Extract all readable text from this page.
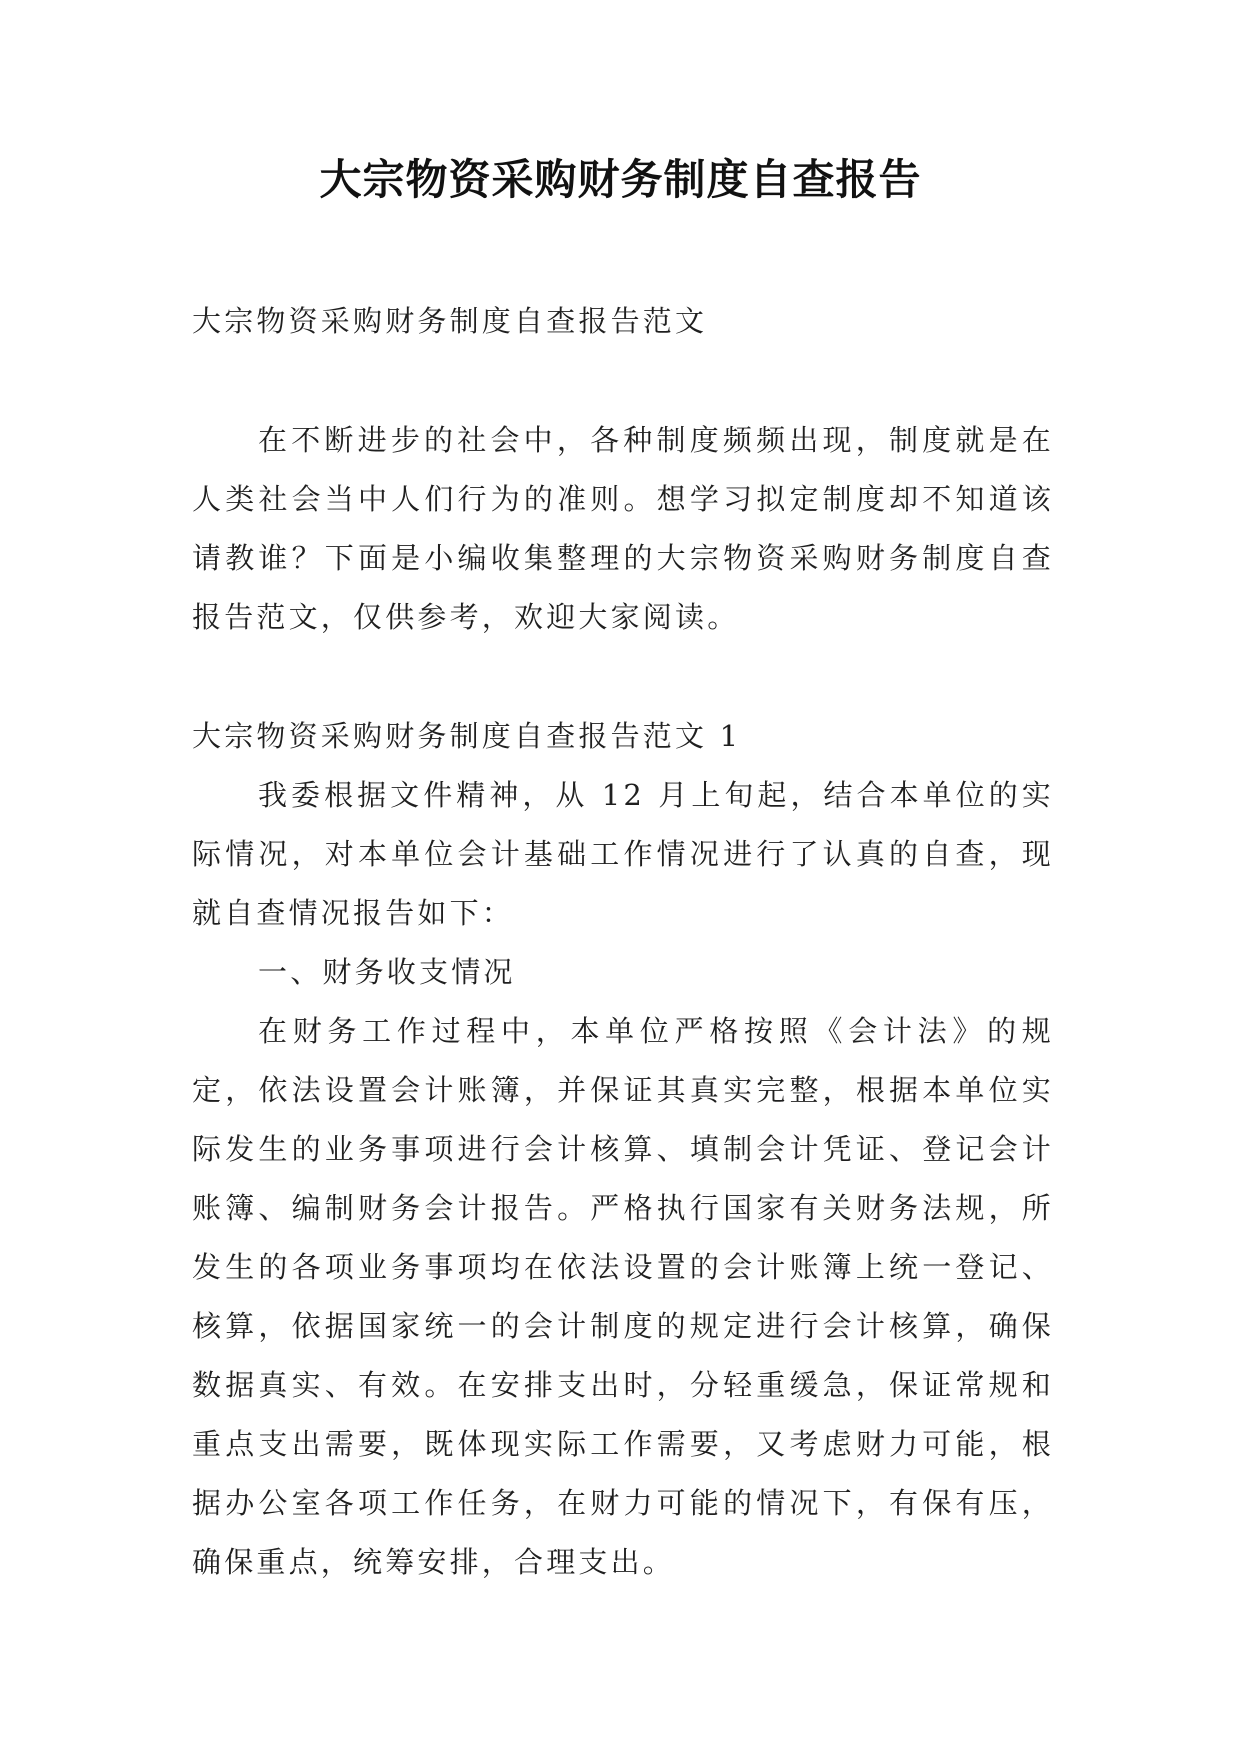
大宗物资采购财务制度自查报告

大宗物资采购财务制度自查报告范文

在不断进步的社会中，各种制度频频出现，制度就是在人类社会当中人们行为的准则。想学习拟定制度却不知道该请教谁？下面是小编收集整理的大宗物资采购财务制度自查报告范文，仅供参考，欢迎大家阅读。

大宗物资采购财务制度自查报告范文 1

我委根据文件精神，从 12 月上旬起，结合本单位的实际情况，对本单位会计基础工作情况进行了认真的自查，现就自查情况报告如下：

一、财务收支情况

在财务工作过程中，本单位严格按照《会计法》的规定，依法设置会计账簿，并保证其真实完整，根据本单位实际发生的业务事项进行会计核算、填制会计凭证、登记会计账簿、编制财务会计报告。严格执行国家有关财务法规，所发生的各项业务事项均在依法设置的会计账簿上统一登记、核算，依据国家统一的会计制度的规定进行会计核算，确保数据真实、有效。在安排支出时，分轻重缓急，保证常规和重点支出需要，既体现实际工作需要，又考虑财力可能，根据办公室各项工作任务，在财力可能的情况下，有保有压，确保重点，统筹安排，合理支出。
